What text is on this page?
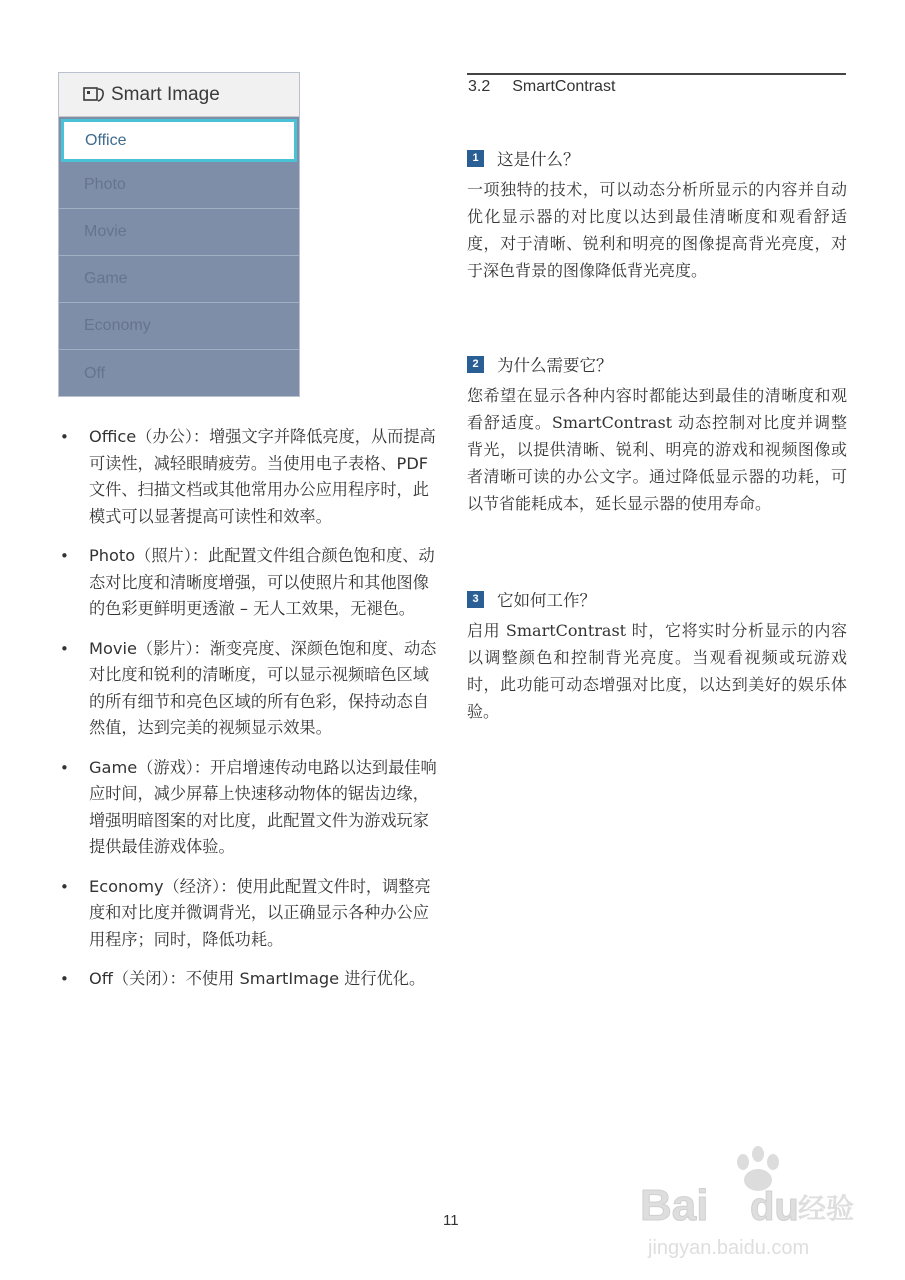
Smart Image
Office
Photo
Movie
Game
Economy
Off
• Office（办公）：增强文字并降低亮度，从而提高可读性，减轻眼睛疲劳。当使用电子表格、PDF 文件、扫描文档或其他常用办公应用程序时，此模式可以显著提高可读性和效率。
• Photo（照片）：此配置文件组合颜色饱和度、动态对比度和清晰度增强，可以使照片和其他图像的色彩更鲜明更透澈 – 无人工效果，无褪色。
• Movie（影片）：渐变亮度、深颜色饱和度、动态对比度和锐利的清晰度，可以显示视频暗色区域的所有细节和亮色区域的所有色彩，保持动态自然值，达到完美的视频显示效果。
• Game（游戏）：开启增速传动电路以达到最佳响应时间，减少屏幕上快速移动物体的锯齿边缘，增强明暗图案的对比度，此配置文件为游戏玩家提供最佳游戏体验。
• Economy（经济）：使用此配置文件时，调整亮度和对比度并微调背光，以正确显示各种办公应用程序；同时，降低功耗。
• Off（关闭）：不使用 SmartImage 进行优化。
3.2 SmartContrast
1	这是什么？

一项独特的技术，可以动态分析所显示的内容并自动优化显示器的对比度以达到最佳清晰度和观看舒适度，对于清晰、锐利和明亮的图像提高背光亮度，对于深色背景的图像降低背光亮度。

2	为什么需要它？

您希望在显示各种内容时都能达到最佳的清晰度和观看舒适度。SmartContrast 动态控制对比度并调整背光，以提供清晰、锐利、明亮的游戏和视频图像或者清晰可读的办公文字。通过降低显示器的功耗，可以节省能耗成本，延长显示器的使用寿命。

3	它如何工作？

启用 SmartContrast 时，它将实时分析显示的内容以调整颜色和控制背光亮度。当观看视频或玩游戏时，此功能可动态增强对比度，以达到美好的娱乐体验。

11	Bai du 经验
jingyan.baidu.com
